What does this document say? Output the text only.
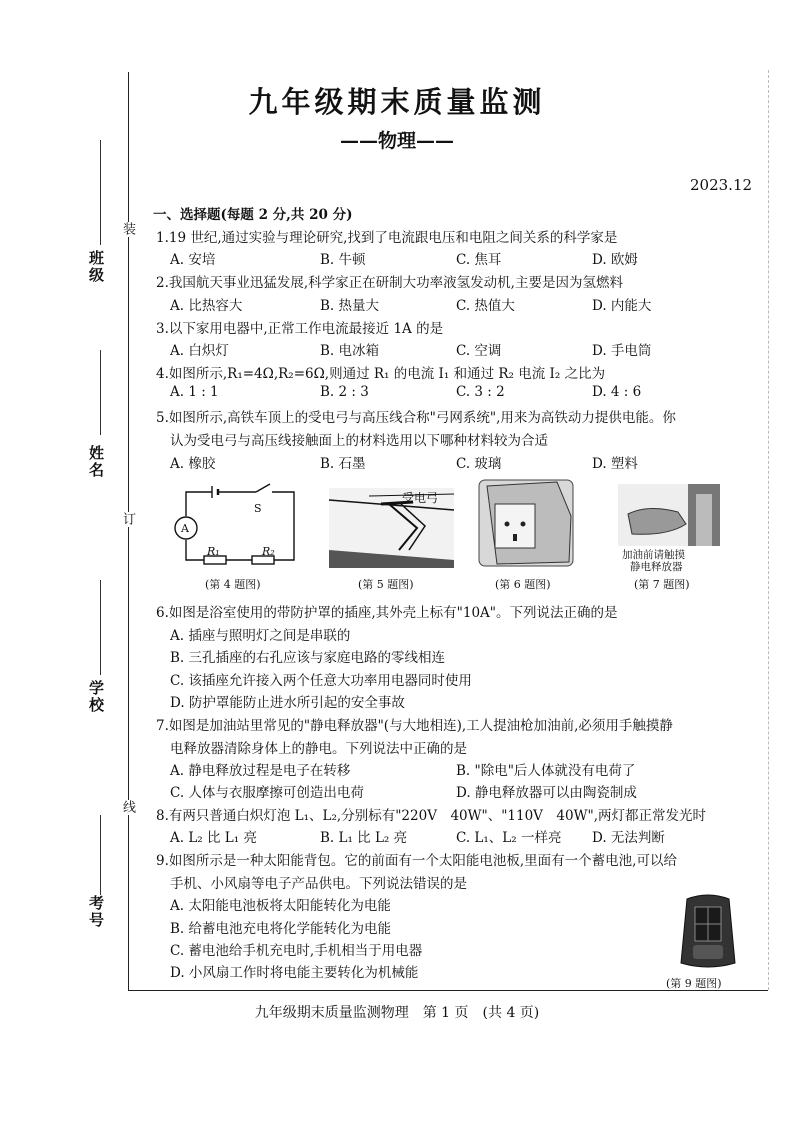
班级
姓名
学校
考号
装
订
线
九年级期末质量监测
——物理——
2023.12
一、选择题(每题 2 分,共 20 分)
1.19 世纪,通过实验与理论研究,找到了电流跟电压和电阻之间关系的科学家是
A. 安培	B. 牛顿	C. 焦耳	D. 欧姆
2.我国航天事业迅猛发展,科学家正在研制大功率液氢发动机,主要是因为氢燃料
A. 比热容大	B. 热量大	C. 热值大	D. 内能大
3.以下家用电器中,正常工作电流最接近 1A 的是
A. 白炽灯	B. 电冰箱	C. 空调	D. 手电筒
4.如图所示,R₁=4Ω,R₂=6Ω,则通过 R₁ 的电流 I₁ 和通过 R₂ 电流 I₂ 之比为
A. 1 : 1	B. 2 : 3	C. 3 : 2	D. 4 : 6
5.如图所示,高铁车顶上的受电弓与高压线合称"弓网系统",用来为高铁动力提供电能。你
认为受电弓与高压线接触面上的材料选用以下哪种材料较为合适
A. 橡胶	B. 石墨	C. 玻璃	D. 塑料
A
S
R₁	R₂
(第 4 题图)
受电弓
(第 5 题图)	(第 6 题图)
加油前请触摸
静电释放器
(第 7 题图)
6.如图是浴室使用的带防护罩的插座,其外壳上标有"10A"。下列说法正确的是
A. 插座与照明灯之间是串联的
B. 三孔插座的右孔应该与家庭电路的零线相连
C. 该插座允许接入两个任意大功率用电器同时使用
D. 防护罩能防止进水所引起的安全事故
7.如图是加油站里常见的"静电释放器"(与大地相连),工人提油枪加油前,必须用手触摸静
电释放器清除身体上的静电。下列说法中正确的是
A. 静电释放过程是电子在转移	B. "除电"后人体就没有电荷了
C. 人体与衣服摩擦可创造出电荷	D. 静电释放器可以由陶瓷制成
8.有两只普通白炽灯泡 L₁、L₂,分别标有"220V　40W"、"110V　40W",两灯都正常发光时
A. L₂ 比 L₁ 亮	B. L₁ 比 L₂ 亮	C. L₁、L₂ 一样亮 D. 无法判断
9.如图所示是一种太阳能背包。它的前面有一个太阳能电池板,里面有一个蓄电池,可以给
手机、小风扇等电子产品供电。下列说法错误的是
A. 太阳能电池板将太阳能转化为电能
B. 给蓄电池充电将化学能转化为电能
C. 蓄电池给手机充电时,手机相当于用电器
D. 小风扇工作时将电能主要转化为机械能
(第 9 题图)
九年级期末质量监测物理　第 1 页　(共 4 页)
